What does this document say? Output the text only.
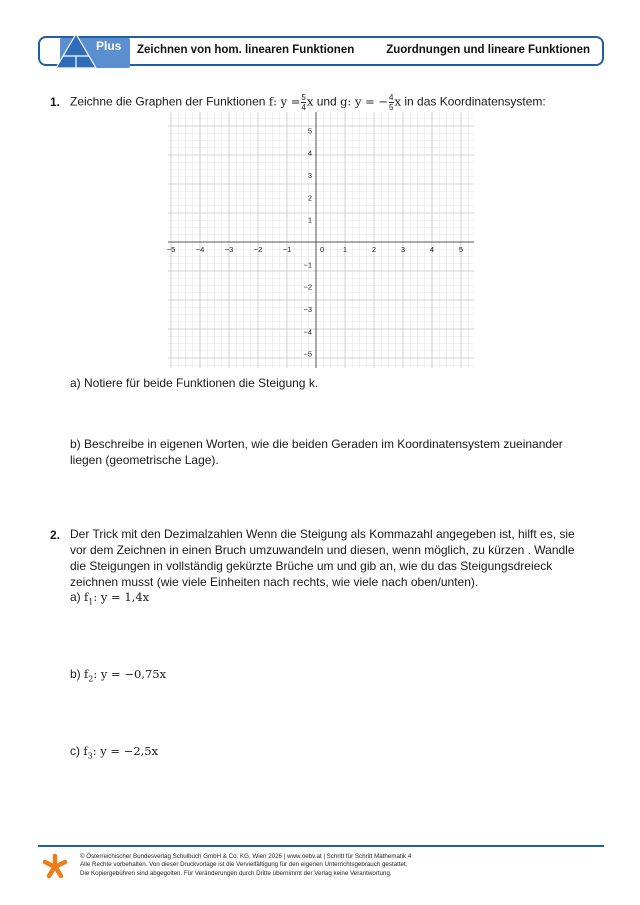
Plus Zeichnen von hom. linearen Funktionen	Zuordnungen und lineare Funktionen
1. Zeichne die Graphen der Funktionen f: $y = \frac{5}{4}$ x und g: y = − $\frac{4}{5}$ x in das Koordinatensystem:
−5	−4	−3	−2	−1	1	2	3	4	5
5
4
3
2
1
−1
−2
−3
−4
−5
0
a) Notiere für beide Funktionen die Steigung k.
b) Beschreibe in eigenen Worten, wie die beiden Geraden im Koordinatensystem zueinander
liegen (geometrische Lage).
2. Der Trick mit den Dezimalzahlen Wenn die Steigung als Kommazahl angegeben ist, hilft es, sie
vor dem Zeichnen in einen Bruch umzuwandeln und diesen, wenn möglich, zu kürzen . Wandle
die Steigungen in vollständig gekürzte Brüche um und gib an, wie du das Steigungsdreieck
zeichnen musst (wie viele Einheiten nach rechts, wie viele nach oben/unten).
a) $f_1$: y = 1,4x
b) $f_2$: y = −0,75x
c) $f_3$: y = −2,5x
© Österreichischer Bundesverlag Schulbuch GmbH & Co. KG, Wien 2026 | www.oebv.at | Schritt für Schritt Mathematik 4
Alle Rechte vorbehalten. Von dieser Druckvorlage ist die Vervielfältigung für den eigenen Unterrichtsgebrauch gestattet.
Die Kopiergebühren sind abgegolten. Für Veränderungen durch Dritte übernimmt der Verlag keine Verantwortung.
